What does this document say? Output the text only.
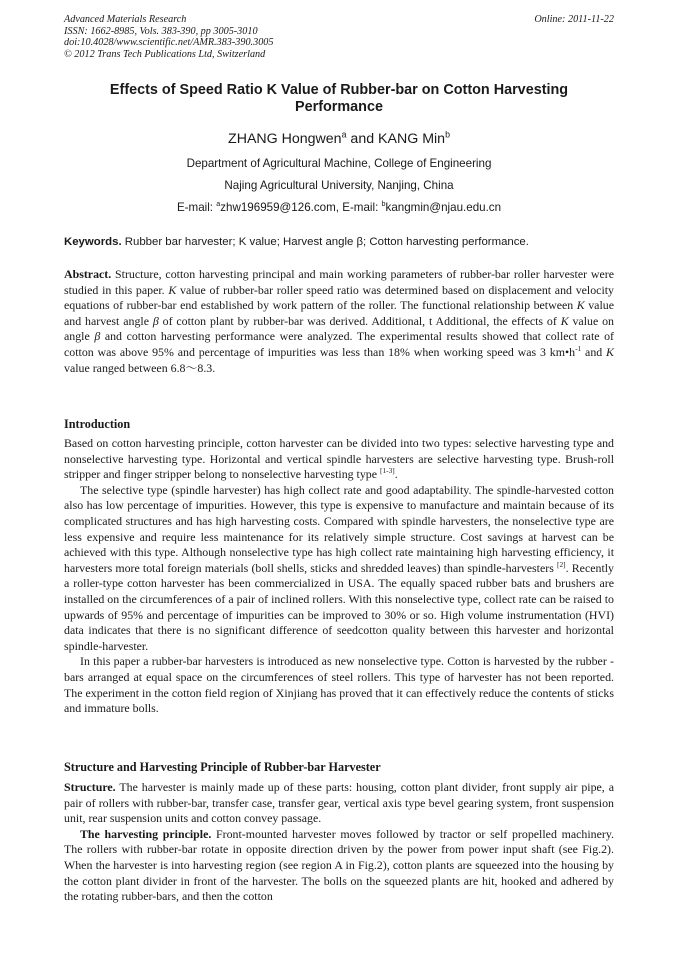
Advanced Materials Research
ISSN: 1662-8985, Vols. 383-390, pp 3005-3010
doi:10.4028/www.scientific.net/AMR.383-390.3005
© 2012 Trans Tech Publications Ltd, Switzerland
Online: 2011-11-22
Effects of Speed Ratio K Value of Rubber-bar on Cotton Harvesting Performance
ZHANG Hongwen$^a$ and KANG Min$^b$
Department of Agricultural Machine, College of Engineering
Najing Agricultural University, Nanjing, China
E-mail: $^a$zhw196959@126.com, E-mail: $^b$kangmin@njau.edu.cn
Keywords. Rubber bar harvester; K value; Harvest angle β; Cotton harvesting performance.

Abstract. Structure, cotton harvesting principal and main working parameters of rubber-bar roller harvester were studied in this paper. K value of rubber-bar roller speed ratio was determined based on displacement and velocity equations of rubber-bar end established by work pattern of the roller. The functional relationship between K value and harvest angle β of cotton plant by rubber-bar was derived. Additional, t Additional, the effects of K value on angle β and cotton harvesting performance were analyzed. The experimental results showed that collect rate of cotton was above 95% and percentage of impurities was less than 18% when working speed was 3 $km•h^{-1}$ and K value ranged between 6.8～8.3.

Introduction

Based on cotton harvesting principle, cotton harvester can be divided into two types: selective harvesting type and nonselective harvesting type. Horizontal and vertical spindle harvesters are selective harvesting type. Brush-roll stripper and finger stripper belong to nonselective harvesting type [1-3].

The selective type (spindle harvester) has high collect rate and good adaptability. The spindle-harvested cotton also has low percentage of impurities. However, this type is expensive to manufacture and maintain because of its complicated structures and has high harvesting costs. Compared with spindle harvesters, the nonselective type are less expensive and require less maintenance for its relatively simple structure. Cost savings at harvest can be achieved with this type. Although nonselective type has high collect rate maintaining high harvesting efficiency, it harvesters more total foreign materials (boll shells, sticks and shredded leaves) than spindle-harvesters [2]. Recently a roller-type cotton harvester has been commercialized in USA. The equally spaced rubber bats and brushers are installed on the circumferences of a pair of inclined rollers. With this nonselective type, collect rate can be raised to upwards of 95% and percentage of impurities can be improved to 30% or so. High volume instrumentation (HVI) data indicates that there is no significant difference of seedcotton quality between this harvester and horizontal spindle-harvester.

In this paper a rubber-bar harvesters is introduced as new nonselective type. Cotton is harvested by the rubber -bars arranged at equal space on the circumferences of steel rollers. This type of harvester has not been reported. The experiment in the cotton field region of Xinjiang has proved that it can effectively reduce the contents of sticks and immature bolls.

Structure and Harvesting Principle of Rubber-bar Harvester

Structure. The harvester is mainly made up of these parts: housing, cotton plant divider, front supply air pipe, a pair of rollers with rubber-bar, transfer case, transfer gear, vertical axis type bevel gearing system, front suspension unit, rear suspension units and cotton convey passage.

The harvesting principle. Front-mounted harvester moves followed by tractor or self propelled machinery. The rollers with rubber-bar rotate in opposite direction driven by the power from power input shaft (see Fig.2). When the harvester is into harvesting region (see region A in Fig.2), cotton plants are squeezed into the housing by the cotton plant divider in front of the harvester. The bolls on the squeezed plants are hit, hooked and adhered by the rotating rubber-bars, and then the cotton
